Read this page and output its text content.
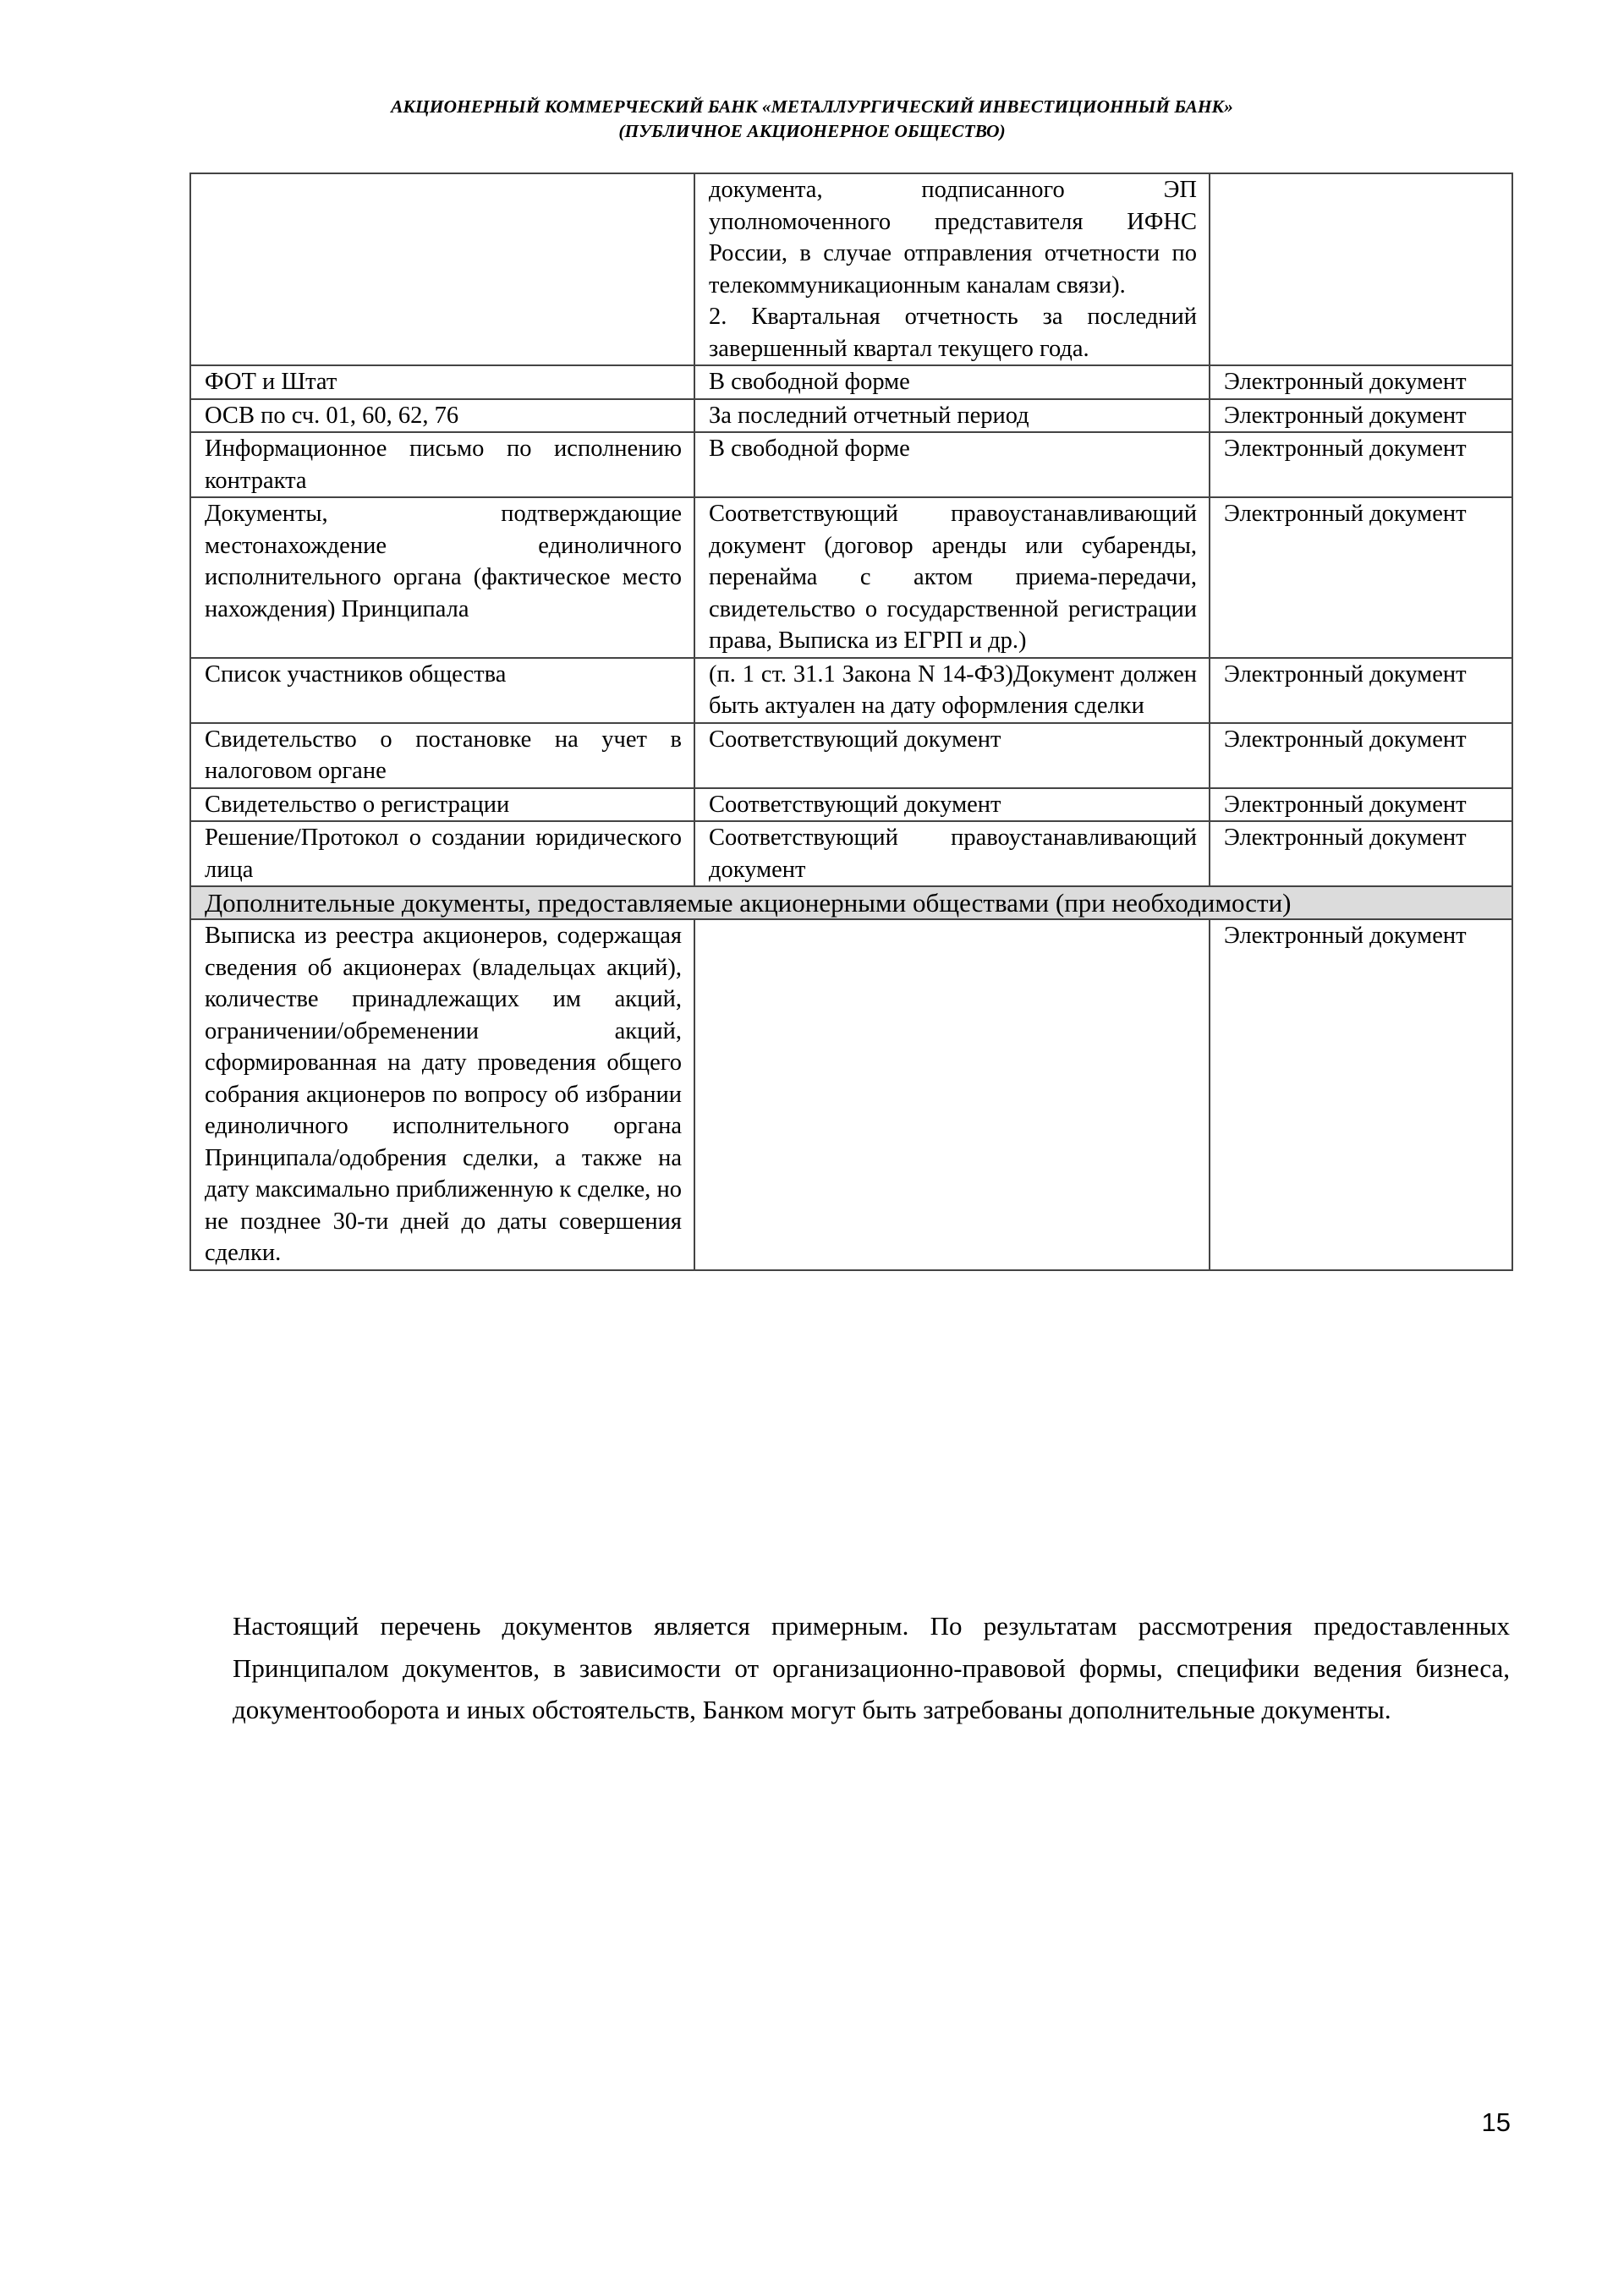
АКЦИОНЕРНЫЙ КОММЕРЧЕСКИЙ БАНК «МЕТАЛЛУРГИЧЕСКИЙ ИНВЕСТИЦИОННЫЙ БАНК»
(ПУБЛИЧНОЕ АКЦИОНЕРНОЕ ОБЩЕСТВО)

	документа, подписанного ЭП уполномоченного представителя ИФНС России, в случае отправления отчетности по телекоммуникационным каналам связи).
2. Квартальная отчетность за последний завершенный квартал текущего года.	

ФОТ и Штат	В свободной форме	Электронный документ
ОСВ по сч. 01, 60, 62, 76	За последний отчетный период	Электронный документ
Информационное письмо по исполнению контракта	В свободной форме	Электронный документ
Документы, подтверждающие местонахождение единоличного исполнительного органа (фактическое место нахождения) Принципала	Соответствующий правоустанавливающий документ (договор аренды или субаренды, перенайма с актом приема-передачи, свидетельство о государственной регистрации права, Выписка из ЕГРП и др.)	Электронный документ
Список участников общества	(п. 1 ст. 31.1 Закона N 14-ФЗ)Документ должен быть актуален на дату оформления сделки	Электронный документ
Свидетельство о постановке на учет в налоговом органе	Соответствующий документ	Электронный документ
Свидетельство о регистрации	Соответствующий документ	Электронный документ
Решение/Протокол о создании юридического лица	Соответствующий правоустанавливающий документ	Электронный документ
Дополнительные документы, предоставляемые акционерными обществами (при необходимости)		
Выписка из реестра акционеров, содержащая сведения об акционерах (владельцах акций), количестве принадлежащих им акций, ограничении/обременении акций, сформированная на дату проведения общего собрания акционеров по вопросу об избрании единоличного исполнительного органа Принципала/одобрения сделки, а также на дату максимально приближенную к сделке, но не позднее 30-ти дней до даты совершения сделки.		Электронный документ
Настоящий перечень документов является примерным. По результатам рассмотрения предоставленных Принципалом документов, в зависимости от организационно-правовой формы, специфики ведения бизнеса, документооборота и иных обстоятельств, Банком могут быть затребованы дополнительные документы.
15
